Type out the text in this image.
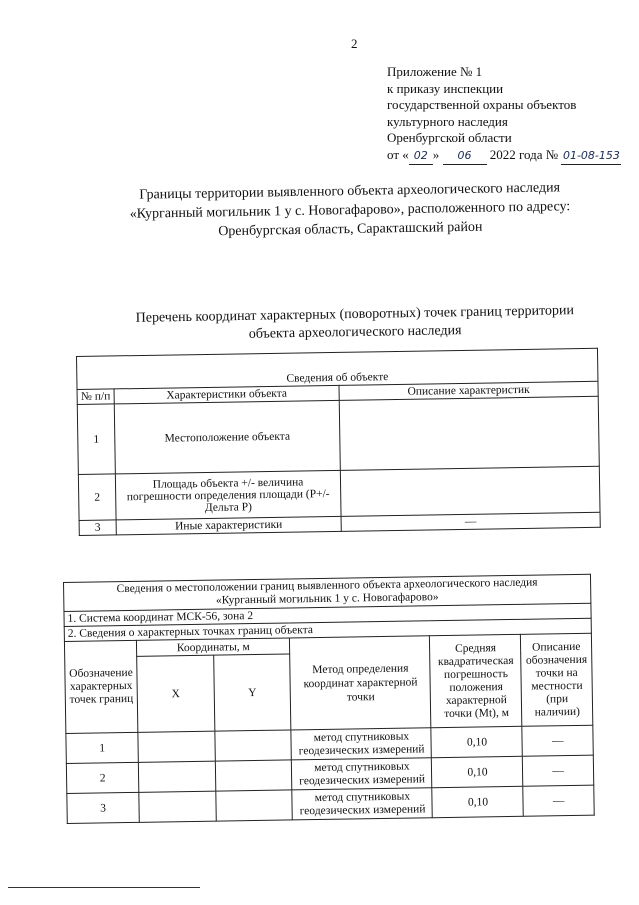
2
Приложение № 1
к приказу инспекции
государственной охраны объектов
культурного наследия
Оренбургской области
от « 02 » 06 2022 года № 01-08-153
Границы территории выявленного объекта археологического наследия
«Курганный могильник 1 у с. Новогафарово», расположенного по адресу:
Оренбургская область, Саракташский район
Перечень координат характерных (поворотных) точек границ территории
объекта археологического наследия
Сведения об объекте		
№ п/п	Характеристики объекта	Описание характеристик
1	Местоположение объекта	
2	Площадь объекта +/- величина погрешности определения площади (Р+/- Дельта Р)	
3	Иные характеристики	—
Сведения о местоположении границ выявленного объекта археологического наследия
«Курганный могильник 1 у с. Новогафарово»					

1. Система координат МСК-56, зона 2					
2. Сведения о характерных точках границ объекта					
Обозначение характерных точек границ	Координаты, м		Метод определения координат характерной точки	Средняя квадратическая погрешность положения характерной точки (Mt), м	Описание обозначения точки на местности (при наличии)
	X	Y			
1			метод спутниковых геодезических измерений	0,10	—
2			метод спутниковых геодезических измерений	0,10	—
3			метод спутниковых геодезических измерений	0,10	—
